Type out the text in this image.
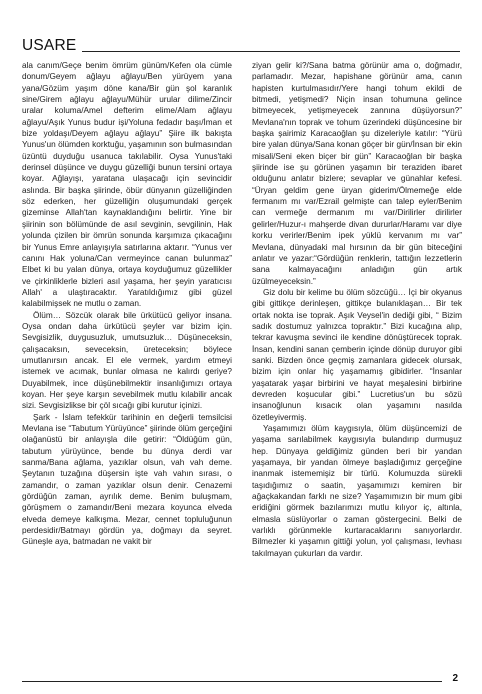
USARE

ala canım/Geçe benim ömrüm günüm/Kefen ola cümle donum/Geyem ağlayu ağlayu/Ben yürüyem yana yana/Gözüm yaşım döne kana/Bir gün şol karanlık sine/Girem ağlayu ağlayu/Mühür urular dilime/Zincir uralar koluma/Amel defterim elime/Alam ağlayu ağlayu/Aşık Yunus budur işi/Yoluna fedadır başı/İman et bize yoldaşı/Deyem ağlayu ağlayu” Şiire ilk bakışta Yunus'un ölümden korktuğu, yaşamının son bulmasından üzüntü duyduğu usanuca takılabilir. Oysa Yunus'taki derinsel düşünce ve duygu güzelliği bunun tersini ortaya koyar. Ağlayışı, yaratana ulaşacağı için sevincidir aslında. Bir başka şiirinde, öbür dünyanın güzelliğinden söz ederken, her güzelliğin oluşumundaki gerçek gizeminse Allah'tan kaynaklandığını belirtir. Yine bir şiirinin son bölümünde de asıl sevginin, sevgilinin, Hak yolunda çizilen bir ömrün sonunda karşımıza çıkacağını bir Yunus Emre anlayışıyla satırlarına aktarır. “Yunus ver canını Hak yoluna/Can vermeyince canan bulunmaz” Elbet ki bu yalan dünya, ortaya koyduğumuz güzellikler ve çirkinliklerle bizleri asıl yaşama, her şeyin yaratıcısı Allah' a ulaştıracaktır. Yaratıldığımız gibi güzel kalabilmişsek ne mutlu o zaman.

Ölüm… Sözcük olarak bile ürkütücü geliyor insana. Oysa ondan daha ürkütücü şeyler var bizim için. Sevgisizlik, duygusuzluk, umutsuzluk… Düşüneceksin, çalışacaksın, seveceksin, üreteceksin; böylece umutlanırsın ancak. El ele vermek, yardım etmeyi istemek ve acımak, bunlar olmasa ne kalırdı geriye? Duyabilmek, ince düşünebilmektir insanlığımızı ortaya koyan. Her şeye karşın sevebilmek mutlu kılabilir ancak sizi. Sevgisizlikse bir çöl sıcağı gibi kurutur içinizi.

Şark - İslam tefekkür tarihinin en değerli temsilcisi Mevlana ise “Tabutum Yürüyünce” şiirinde ölüm gerçeğini olağanüstü bir anlayışla dile getirir: “Öldüğüm gün, tabutum yürüyünce, bende bu dünya derdi var sanma/Bana ağlama, yazıklar olsun, vah vah deme. Şeytanın tuzağına düşersin işte vah vahın sırası, o zamandır, o zaman yazıklar olsun denir. Cenazemi gördüğün zaman, ayrılık deme. Benim buluşmam, görüşmem o zamandır/Beni mezara koyunca elveda elveda demeye kalkışma. Mezar, cennet topluluğunun perdesidir/Batmayı gördün ya, doğmayı da seyret. Güneşle aya, batmadan ne vakit bir

ziyan gelir ki?/Sana batma görünür ama o, doğmadır, parlamadır. Mezar, hapishane görünür ama, canın hapisten kurtulmasıdır/Yere hangi tohum ekildi de bitmedi, yetişmedi? Niçin insan tohumuna gelince bitmeyecek, yetişmeyecek zannına düşüyorsun?” Mevlana'nın toprak ve tohum üzerindeki düşüncesine bir başka şairimiz Karacaoğlan şu dizeleriyle katılır: “Yürü bire yalan dünya/Sana konan göçer bir gün/İnsan bir ekin misali/Seni eken biçer bir gün” Karacaoğlan bir başka şiirinde ise şu görünen yaşamın bir teraziden ibaret olduğunu anlatır bizlere; sevaplar ve günahlar kefesi. “Üryan geldim gene üryan giderim/Ölmemeğe elde fermanım mı var/Ezrail gelmişte can talep eyler/Benim can vermeğe dermanım mı var/Dirilirler dirilirler gelirler/Huzur-ı mahşerde divan dururlar/Haramı var diye korku verirler/Benim ipek yüklü kervanım mı var” Mevlana, dünyadaki mal hırsının da bir gün biteceğini anlatır ve yazar:“Gördüğün renklerin, tattığın lezzetlerin sana kalmayacağını anladığın gün artık üzülmeyeceksin.”

Giz dolu bir kelime bu ölüm sözcüğü… İçi bir okyanus gibi gittikçe derinleşen, gittikçe bulanıklaşan… Bir tek ortak nokta ise toprak. Aşık Veysel'in dediği gibi, “ Bizim sadık dostumuz yalnızca topraktır.” Bizi kucağına alıp, tekrar kavuşma sevinci ile kendine dönüştürecek toprak. İnsan, kendini sanan çemberin içinde dönüp duruyor gibi sanki. Bizden önce geçmiş zamanlara gidecek olursak, bizim için onlar hiç yaşamamış gibidirler. “İnsanlar yaşatarak yaşar birbirini ve hayat meşalesini birbirine devreden koşucular gibi.” Lucretius'un bu sözü insanoğlunun kısacık olan yaşamını nasılda özetleyivermiş.

Yaşamımızı ölüm kaygısıyla, ölüm düşüncemizi de yaşama sarılabilmek kaygısıyla bulandırıp durmuşuz hep. Dünyaya geldiğimiz günden beri bir yandan yaşamaya, bir yandan ölmeye başladığımız gerçeğine inanmak istememişiz bir türlü. Kolumuzda sürekli taşıdığımız o saatin, yaşamımızı kemiren bir ağaçkakandan farklı ne size? Yaşamımızın bir mum gibi eridiğini görmek bazılarımızı mutlu kılıyor iç, altınla, elmasla süslüyorlar o zaman göstergecini. Belki de varlıklı görünmekle kurtaracaklarını sanıyorlardır. Bilmezler ki yaşamın gittiği yolun, yol çalışması, levhası takılmayan çukurları da vardır.

2
